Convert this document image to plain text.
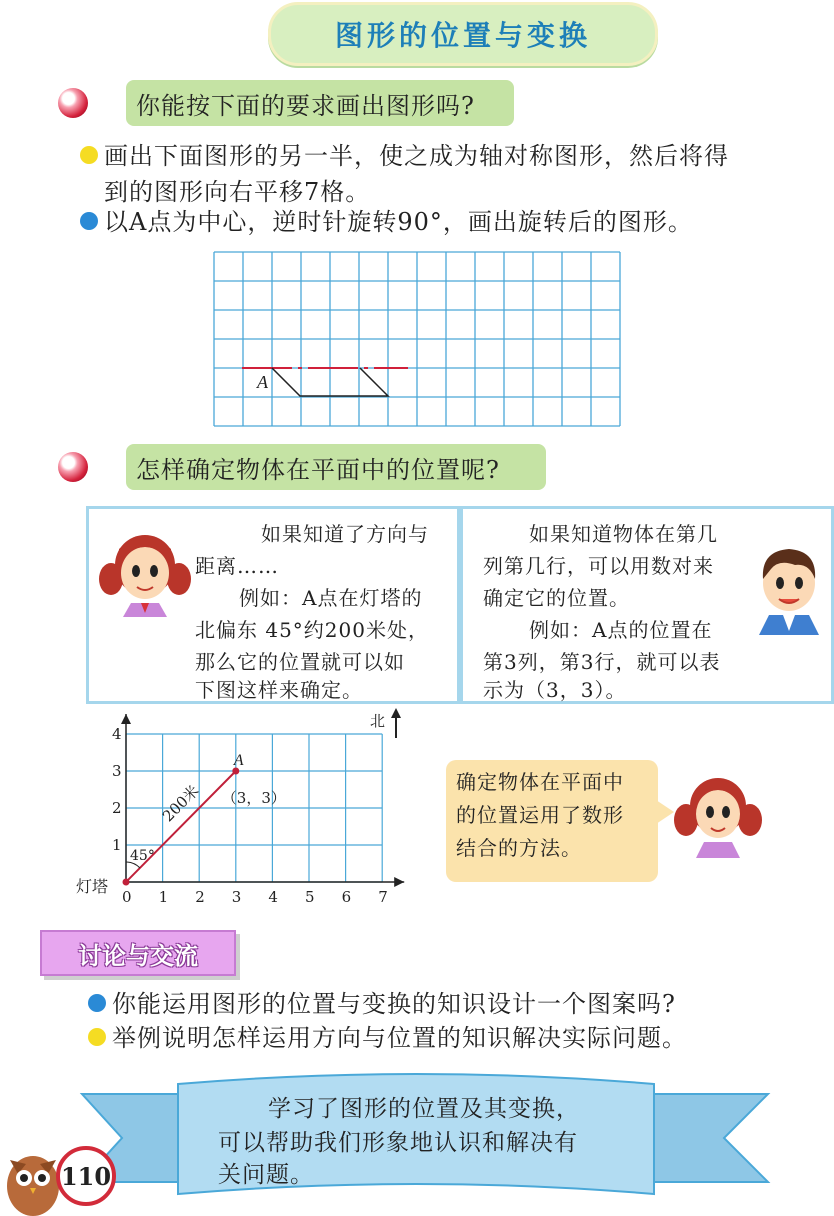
图形的位置与变换
你能按下面的要求画出图形吗?
画出下面图形的另一半，使之成为轴对称图形，然后将得
到的图形向右平移7格。
以A点为中心，逆时针旋转90°，画出旋转后的图形。
A
怎样确定物体在平面中的位置呢?

如果知道了方向与

距离……

例如：A点在灯塔的

北偏东 45°约200米处，

那么它的位置就可以如

下图这样来确定。

如果知道物体在第几

列第几行，可以用数对来

确定它的位置。

例如：A点的位置在

第3列，第3行，就可以表

示为（3，3）。

0 1 2 3 4 5 6 7
1
2
3
4
A
（3，3）
200米
45°
灯塔
北

确定物体在平面中

的位置运用了数形

结合的方法。

讨论与交流
你能运用图形的位置与变换的知识设计一个图案吗?
举例说明怎样运用方向与位置的知识解决实际问题。
学习了图形的位置及其变换，
可以帮助我们形象地认识和解决有
关问题。
110
